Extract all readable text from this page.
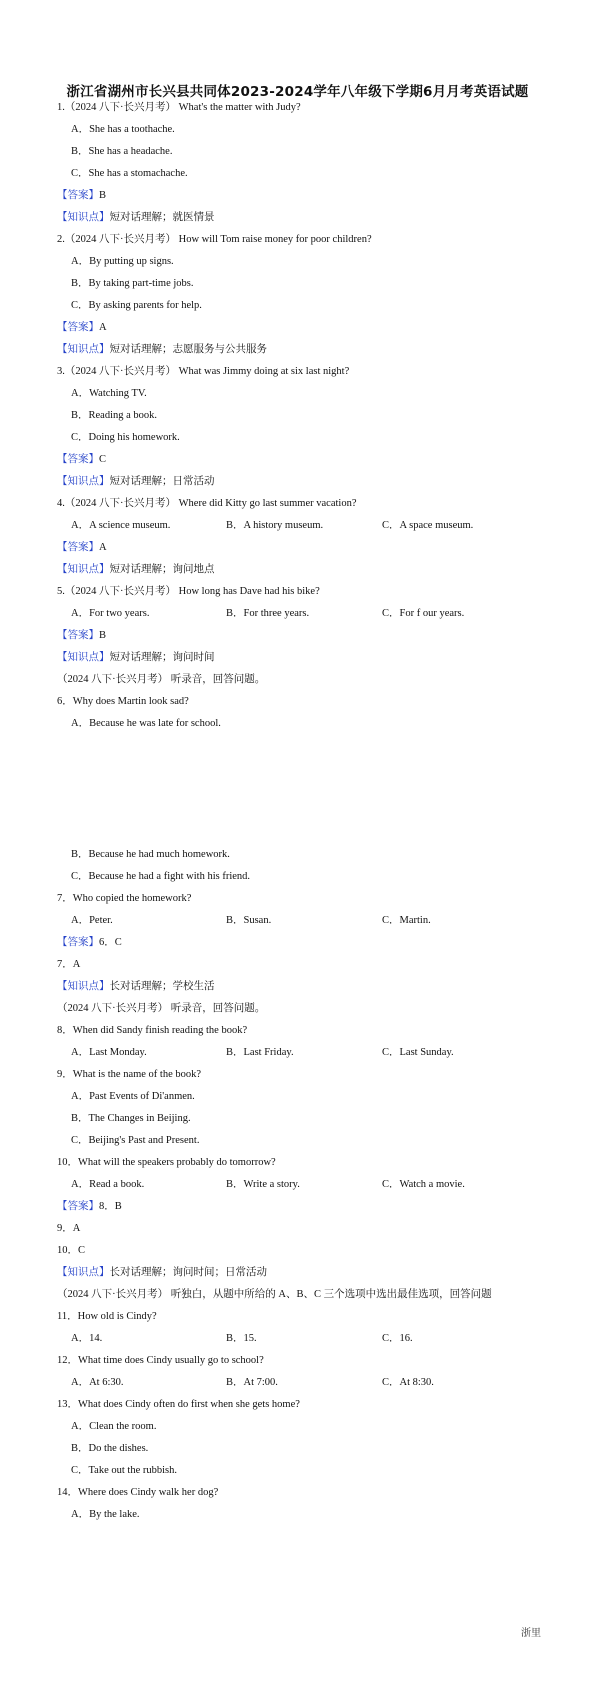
浙江省湖州市长兴县共同体2023-2024学年八年级下学期6月月考英语试题
1.（2024 八下·长兴月考） What's the matter with Judy?
A．She has a toothache.
B．She has a headache.
C．She has a stomachache.
【答案】B
【知识点】短对话理解；就医情景
2.（2024 八下·长兴月考） How will Tom raise money for poor children?
A．By putting up signs.
B．By taking part-time jobs.
C．By asking parents for help.
【答案】A
【知识点】短对话理解；志愿服务与公共服务
3.（2024 八下·长兴月考） What was Jimmy doing at six last night?
A．Watching TV.
B．Reading a book.
C．Doing his homework.
【答案】C
【知识点】短对话理解；日常活动
4.（2024 八下·长兴月考） Where did Kitty go last summer vacation?
A．A science museum.	B．A history museum.	C．A space museum.
【答案】A
【知识点】短对话理解；询问地点
5.（2024 八下·长兴月考） How long has Dave had his bike?
A．For two years.	B．For three years.	C．For f our years.
【答案】B
【知识点】短对话理解；询问时间
（2024 八下·长兴月考） 听录音，回答问题。
6．Why does Martin look sad?
A．Because he was late for school.
B．Because he had much homework.
C．Because he had a fight with his friend.
7．Who copied the homework?
A．Peter.	B．Susan.	C．Martin.
【答案】6．C
7．A
【知识点】长对话理解；学校生活
（2024 八下·长兴月考） 听录音，回答问题。
8．When did Sandy finish reading the book?
A．Last Monday.	B．Last Friday.	C．Last Sunday.
9．What is the name of the book?
A．Past Events of Di'anmen.
B．The Changes in Beijing.
C．Beijing's Past and Present.
10．What will the speakers probably do tomorrow?
A．Read a book.	B．Write a story.	C．Watch a movie.
【答案】8．B
9．A
10．C
【知识点】长对话理解；询问时间；日常活动
（2024 八下·长兴月考） 听独白，从题中所给的 A、B、C 三个选项中选出最佳选项，回答问题
11．How old is Cindy?
A．14.	B．15.	C．16.
12．What time does Cindy usually go to school?
A．At 6:30.	B．At 7:00.	C．At 8:30.
13．What does Cindy often do first when she gets home?
A．Clean the room.
B．Do the dishes.
C．Take out the rubbish.
14．Where does Cindy walk her dog?
A．By the lake.
浙里
